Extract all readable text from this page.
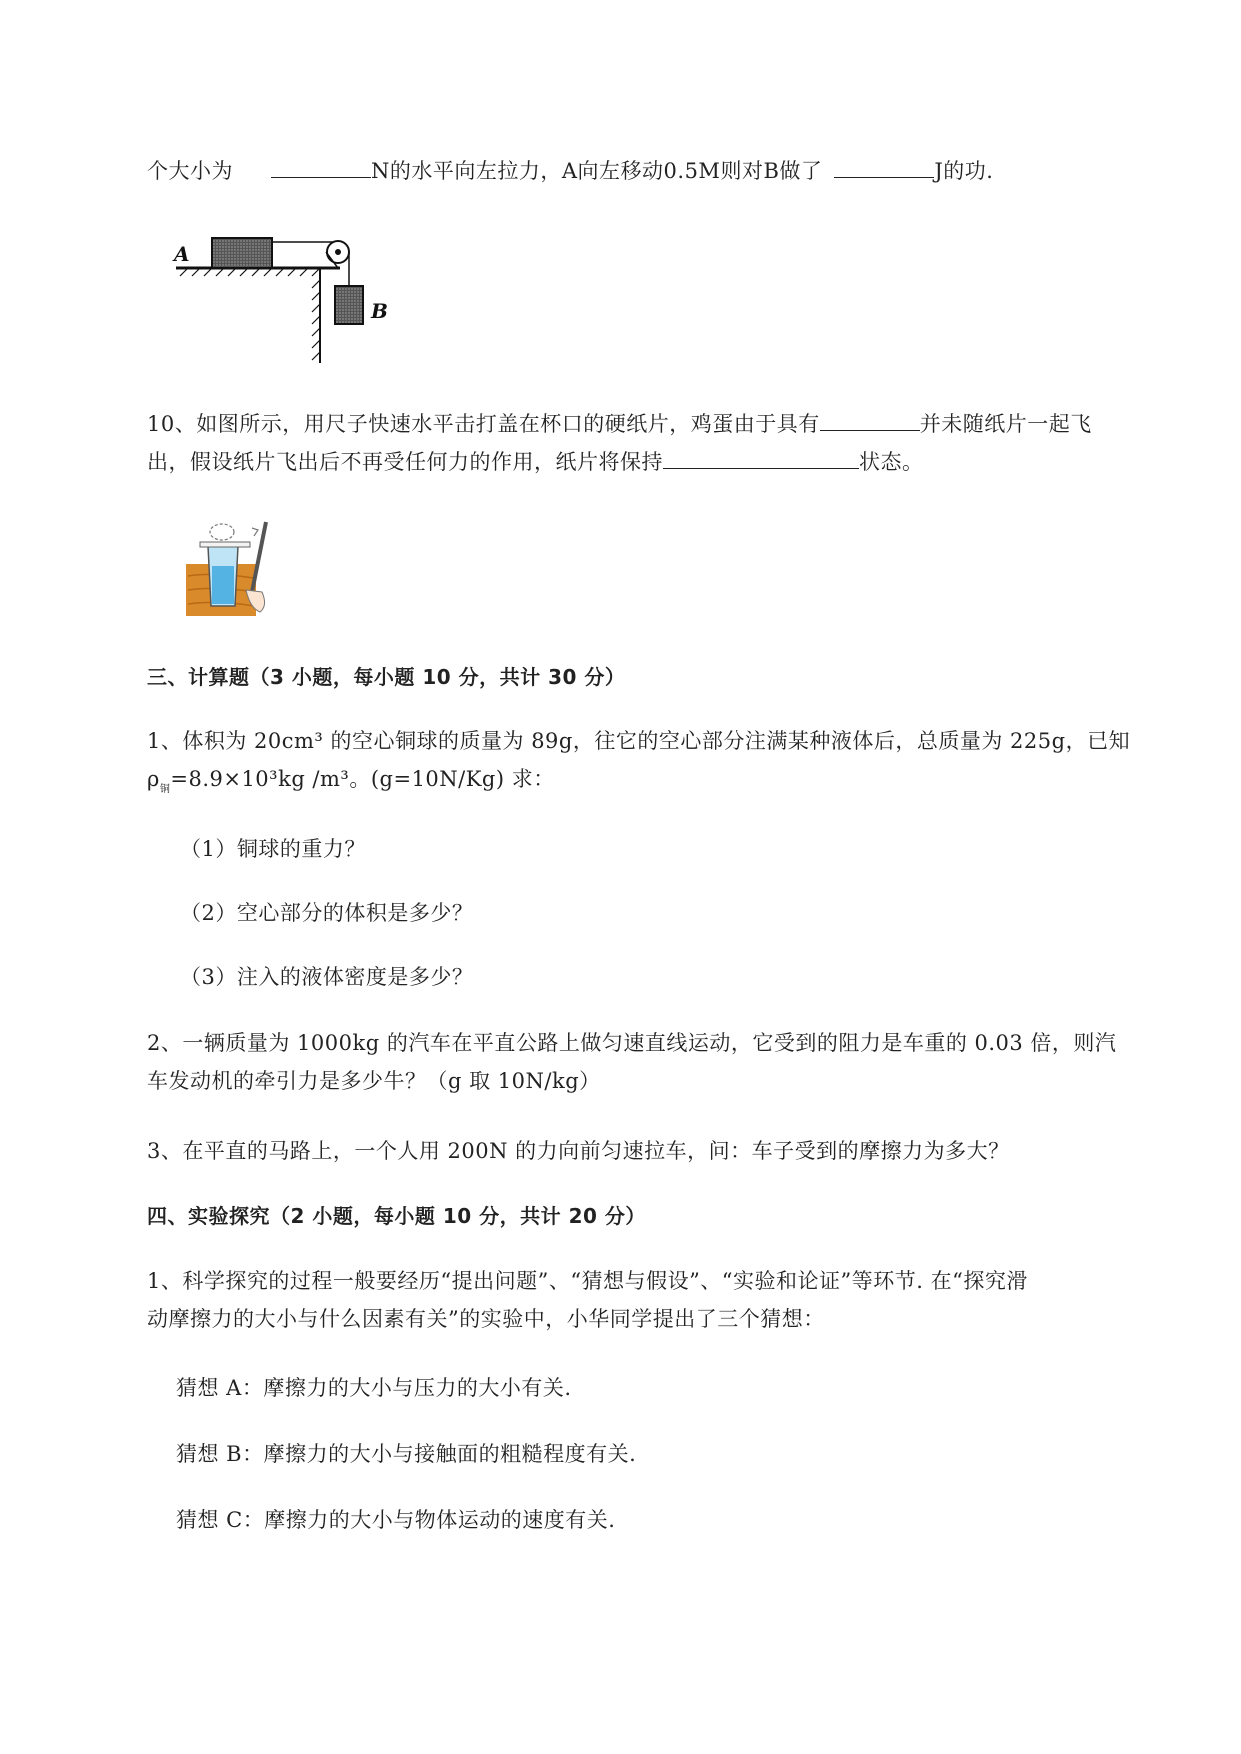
个大小为	N的水平向左拉力，A向左移动0.5M则对B做了	J的功.
A
B
10、如图所示，用尺子快速水平击打盖在杯口的硬纸片，鸡蛋由于具有	并未随纸片一起飞
出，假设纸片飞出后不再受任何力的作用，纸片将保持	状态。
三、计算题（3 小题，每小题 10 分，共计 30 分）
1、体积为 20cm³ 的空心铜球的质量为 89g，往它的空心部分注满某种液体后，总质量为 225g，已知
$\rho_铜=8.9\times 10^3kg$ /m³。(g=10N/Kg) 求：
（1）铜球的重力？
（2）空心部分的体积是多少？
（3）注入的液体密度是多少？
2、一辆质量为 1000kg 的汽车在平直公路上做匀速直线运动，它受到的阻力是车重的 0.03 倍，则汽
车发动机的牵引力是多少牛？（g 取 10N/kg）
3、在平直的马路上，一个人用 200N 的力向前匀速拉车，问：车子受到的摩擦力为多大？
四、实验探究（2 小题，每小题 10 分，共计 20 分）
1、科学探究的过程一般要经历“提出问题”、“猜想与假设”、“实验和论证”等环节. 在“探究滑
动摩擦力的大小与什么因素有关”的实验中，小华同学提出了三个猜想：
猜想 A：摩擦力的大小与压力的大小有关.
猜想 B：摩擦力的大小与接触面的粗糙程度有关.
猜想 C：摩擦力的大小与物体运动的速度有关.
